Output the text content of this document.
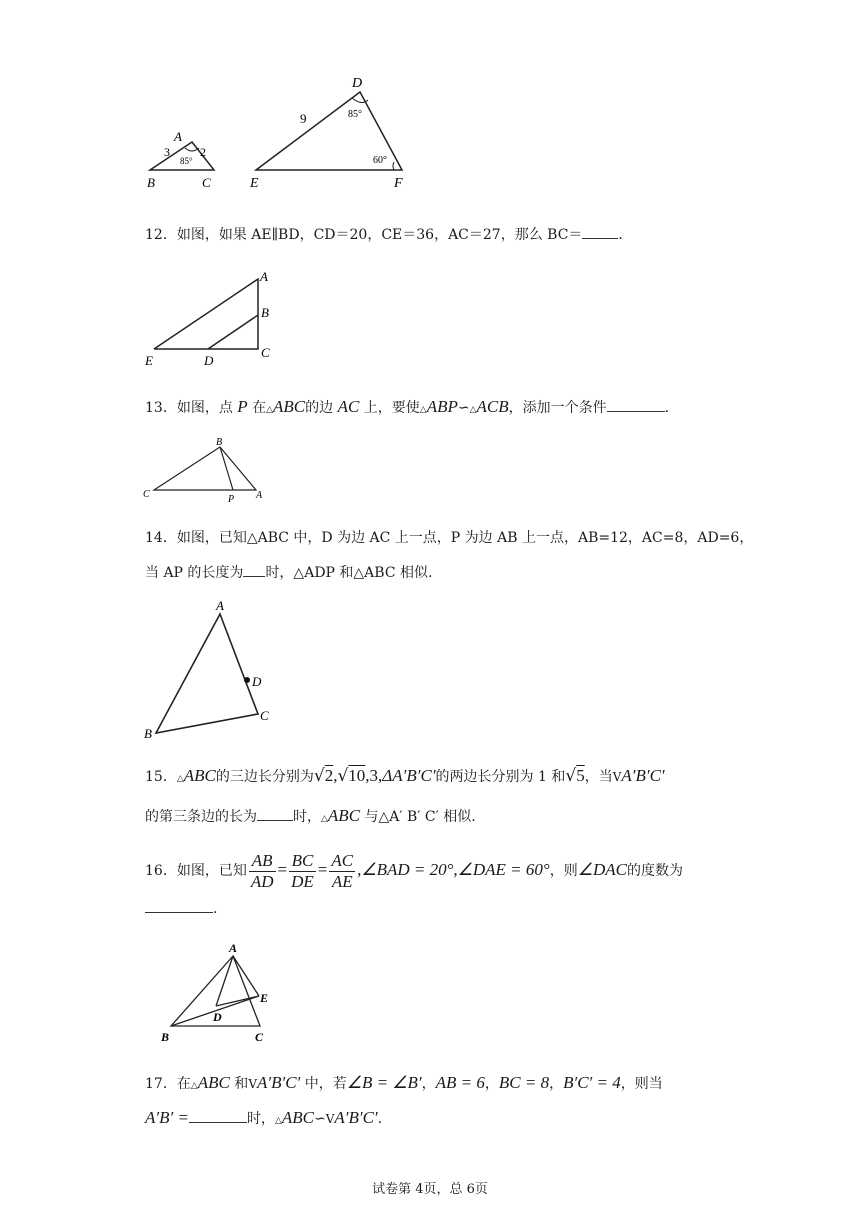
A
B	C
3	2
85°
D
E	F
9	85°
60°
12．如图，如果 AE∥BD，CD＝20，CE＝36，AC＝27，那么 BC＝	．
A
B
C
D
E
13．如图，点 P 在△ABC的边 AC 上，要使△ABP∽△ACB，添加一个条件	.
B
C	P A
14．如图，已知△ABC 中，D 为边 AC 上一点，P 为边 AB 上一点，AB=12，AC=8，AD=6，
当 AP 的长度为 时，△ADP 和△ABC 相似.
A
B
C
D
15．△ABC的三边长分别为√2,√10,3,ΔA′B′C′的两边长分别为 1 和√5，当VA′B′C′
的第三条边的长为	时，△ABC 与△A′ B′ C′ 相似.
16．如图，已知 $\frac{AB}{AD} = \frac{BC}{DE} = \frac{AC}{AE}$ ,∠BAD = 20°,∠DAE = 60°，则∠DAC的度数为
.
A
B	C
D
E
17．在△ABC 和VA′B′C′ 中，若∠B = ∠B′，AB = 6，BC = 8，B′C′ = 4，则当
A′B′ =	时，△ABC∽VA′B′C′.
试卷第 4页，总 6页
